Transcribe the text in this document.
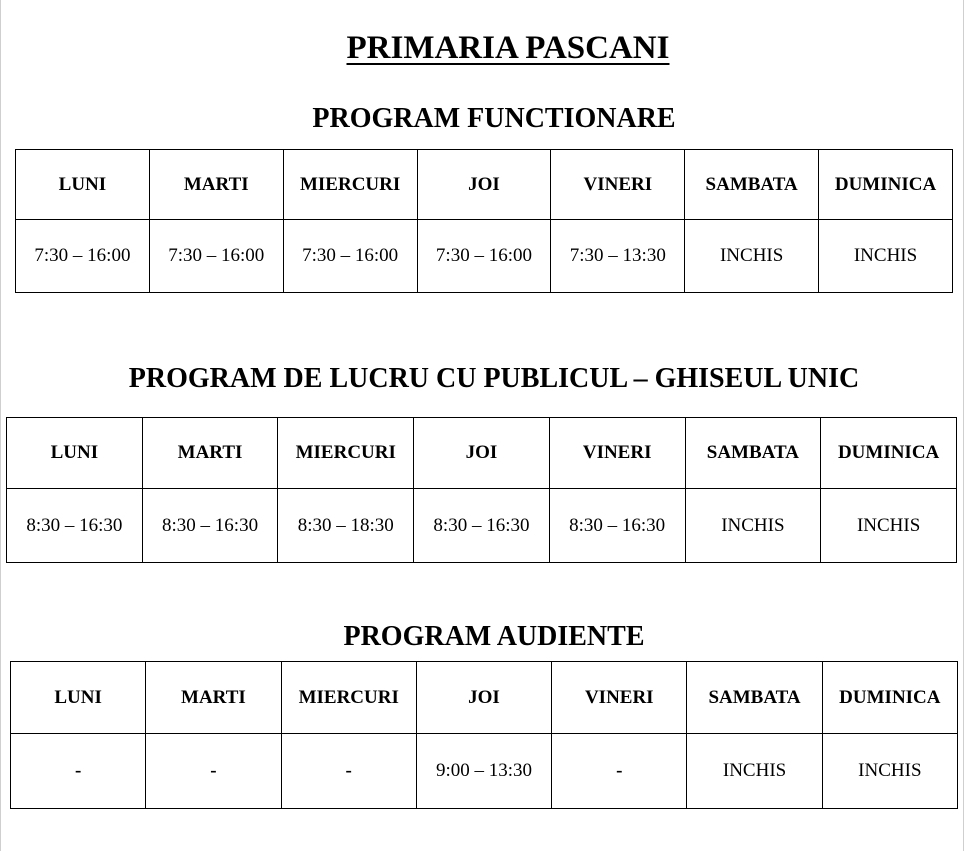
PRIMARIA PASCANI
PROGRAM FUNCTIONARE
LUNI	MARTI	MIERCURI	JOI	VINERI	SAMBATA	DUMINICA
7:30 – 16:00	7:30 – 16:00	7:30 – 16:00	7:30 – 16:00	7:30 – 13:30	INCHIS	INCHIS
PROGRAM DE LUCRU CU PUBLICUL – GHISEUL UNIC
LUNI	MARTI	MIERCURI	JOI	VINERI	SAMBATA	DUMINICA
8:30 – 16:30	8:30 – 16:30	8:30 – 18:30	8:30 – 16:30	8:30 – 16:30	INCHIS	INCHIS
PROGRAM AUDIENTE
LUNI	MARTI	MIERCURI	JOI	VINERI	SAMBATA	DUMINICA
-	-	-	9:00 – 13:30	-	INCHIS	INCHIS
